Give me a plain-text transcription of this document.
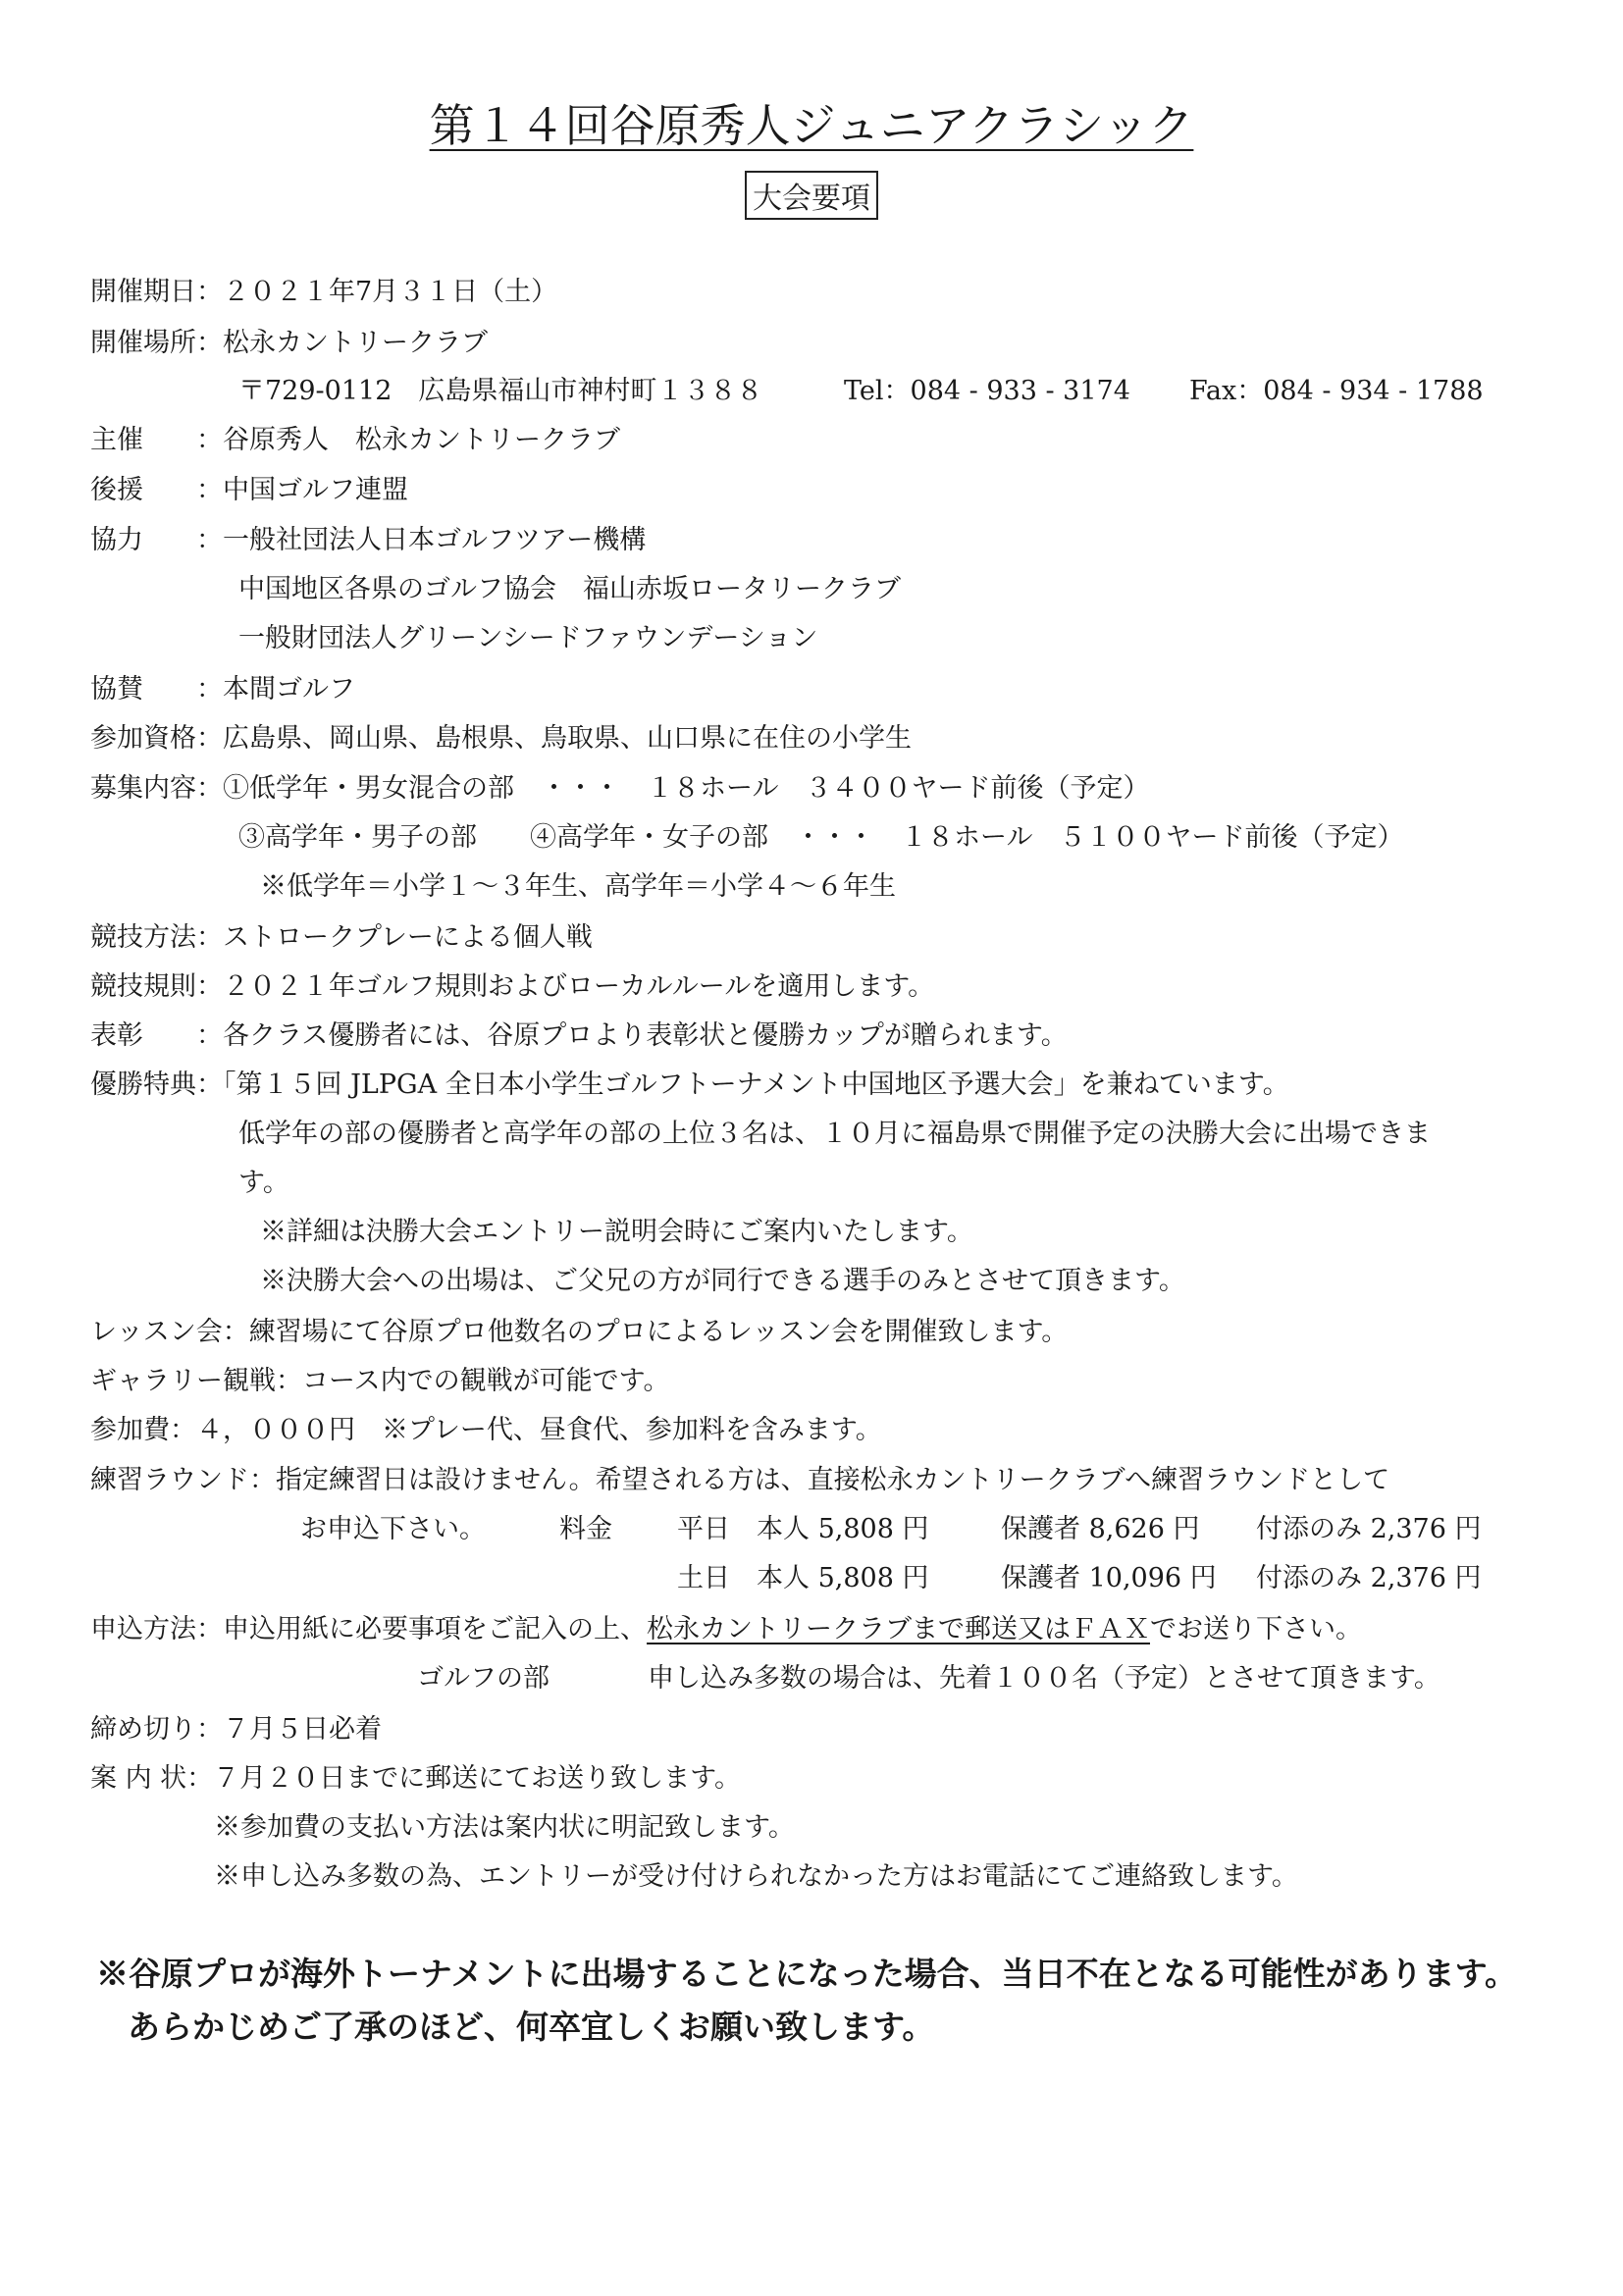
第１４回谷原秀人ジュニアクラシック
大会要項
開催期日：２０２１年7月３１日（土）
開催場所：松永カントリークラブ
〒729-0112　広島県福山市神村町１３８８	Tel：084 - 933 - 3174 Fax：084 - 934 - 1788
主催　　：谷原秀人　松永カントリークラブ
後援　　：中国ゴルフ連盟
協力　　：一般社団法人日本ゴルフツアー機構
中国地区各県のゴルフ協会　福山赤坂ロータリークラブ
一般財団法人グリーンシードファウンデーション
協賛　　：本間ゴルフ
参加資格：広島県、岡山県、島根県、鳥取県、山口県に在住の小学生
募集内容：①低学年・男女混合の部　・・・　１８ホール　３４００ヤード前後（予定）
③高学年・男子の部　　④高学年・女子の部　・・・　１８ホール　５１００ヤード前後（予定）
※低学年＝小学１～３年生、高学年＝小学４～６年生
競技方法：ストロークプレーによる個人戦
競技規則：２０２１年ゴルフ規則およびローカルルールを適用します。
表彰　　：各クラス優勝者には、谷原プロより表彰状と優勝カップが贈られます。
優勝特典：「第１５回 JLPGA 全日本小学生ゴルフトーナメント中国地区予選大会」を兼ねています。
低学年の部の優勝者と高学年の部の上位３名は、１０月に福島県で開催予定の決勝大会に出場できま
す。
※詳細は決勝大会エントリー説明会時にご案内いたします。
※決勝大会への出場は、ご父兄の方が同行できる選手のみとさせて頂きます。
レッスン会：練習場にて谷原プロ他数名のプロによるレッスン会を開催致します。
ギャラリー観戦：コース内での観戦が可能です。
参加費：４，０００円　※プレー代、昼食代、参加料を含みます。
練習ラウンド：指定練習日は設けません。希望される方は、直接松永カントリークラブへ練習ラウンドとして
お申込下さい。	料金 平日　本人 5,808 円	保護者 8,626 円 付添のみ 2,376 円
土日　本人 5,808 円	保護者 10,096 円 付添のみ 2,376 円
申込方法：申込用紙に必要事項をご記入の上、松永カントリークラブまで郵送又はＦＡＸでお送り下さい。
ゴルフの部	申し込み多数の場合は、先着１００名（予定）とさせて頂きます。
締め切り：７月５日必着
案 内 状：７月２０日までに郵送にてお送り致します。
※参加費の支払い方法は案内状に明記致します。
※申し込み多数の為、エントリーが受け付けられなかった方はお電話にてご連絡致します。
※谷原プロが海外トーナメントに出場することになった場合、当日不在となる可能性があります。
あらかじめご了承のほど、何卒宜しくお願い致します。
